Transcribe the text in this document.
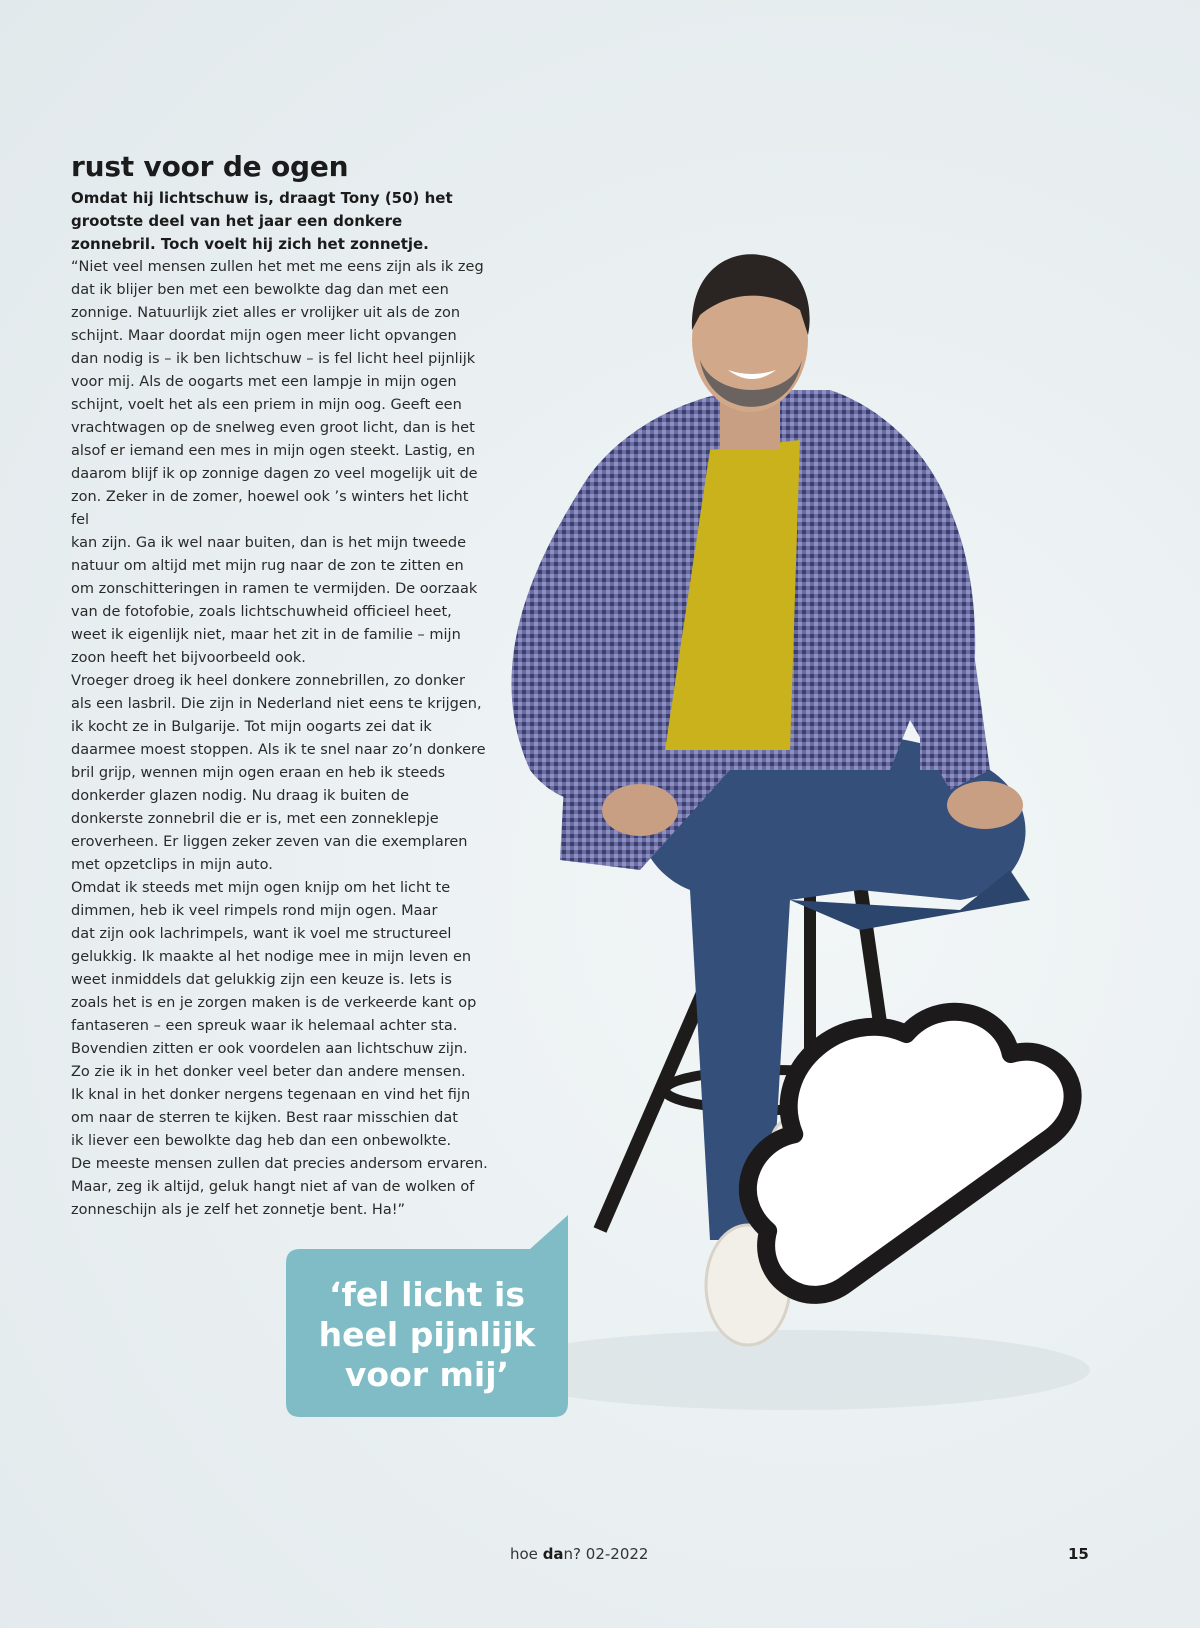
rust voor de ogen

Omdat hij lichtschuw is, draagt Tony (50) het grootste deel van het jaar een donkere zonnebril. Toch voelt hij zich het zonnetje.

“Niet veel mensen zullen het met me eens zijn als ik zeg
dat ik blijer ben met een bewolkte dag dan met een
zonnige. Natuurlijk ziet alles er vrolijker uit als de zon
schijnt. Maar doordat mijn ogen meer licht opvangen
dan nodig is – ik ben lichtschuw – is fel licht heel pijnlijk
voor mij. Als de oogarts met een lampje in mijn ogen
schijnt, voelt het als een priem in mijn oog. Geeft een
vrachtwagen op de snelweg even groot licht, dan is het
alsof er iemand een mes in mijn ogen steekt. Lastig, en
daarom blijf ik op zonnige dagen zo veel mogelijk uit de
zon. Zeker in de zomer, hoewel ook ’s winters het licht fel
kan zijn. Ga ik wel naar buiten, dan is het mijn tweede
natuur om altijd met mijn rug naar de zon te zitten en
om zonschitteringen in ramen te vermijden. De oorzaak
van de fotofobie, zoals lichtschuwheid officieel heet,
weet ik eigenlijk niet, maar het zit in de familie – mijn
zoon heeft het bijvoorbeeld ook.

Vroeger droeg ik heel donkere zonnebrillen, zo donker
als een lasbril. Die zijn in Nederland niet eens te krijgen,
ik kocht ze in Bulgarije. Tot mijn oogarts zei dat ik
daarmee moest stoppen. Als ik te snel naar zo’n donkere
bril grijp, wennen mijn ogen eraan en heb ik steeds
donkerder glazen nodig. Nu draag ik buiten de
donkerste zonnebril die er is, met een zonneklepje
eroverheen. Er liggen zeker zeven van die exemplaren
met opzetclips in mijn auto.

Omdat ik steeds met mijn ogen knijp om het licht te
dimmen, heb ik veel rimpels rond mijn ogen. Maar
dat zijn ook lachrimpels, want ik voel me structureel
gelukkig. Ik maakte al het nodige mee in mijn leven en
weet inmiddels dat gelukkig zijn een keuze is. Iets is
zoals het is en je zorgen maken is de verkeerde kant op
fantaseren – een spreuk waar ik helemaal achter sta.
Bovendien zitten er ook voordelen aan lichtschuw zijn.
Zo zie ik in het donker veel beter dan andere mensen.
Ik knal in het donker nergens tegenaan en vind het fijn
om naar de sterren te kijken. Best raar misschien dat
ik liever een bewolkte dag heb dan een onbewolkte.
De meeste mensen zullen dat precies andersom ervaren.
Maar, zeg ik altijd, geluk hangt niet af van de wolken of
zonneschijn als je zelf het zonnetje bent. Ha!”

‘fel licht is
heel pijnlijk
voor mij’
hoe dan? 02-2022	15
